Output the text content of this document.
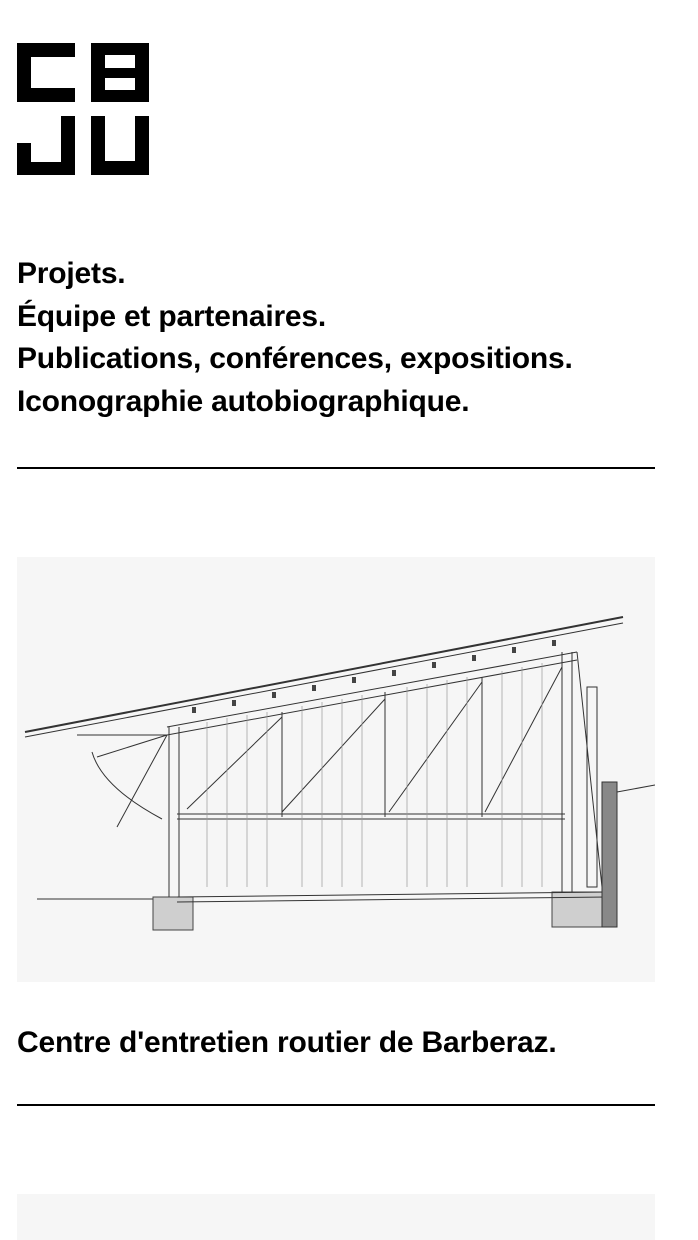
Projets.
Équipe et partenaires.
Publications, conférences, expositions.
Iconographie autobiographique.
Centre d'entretien routier de Barberaz.
